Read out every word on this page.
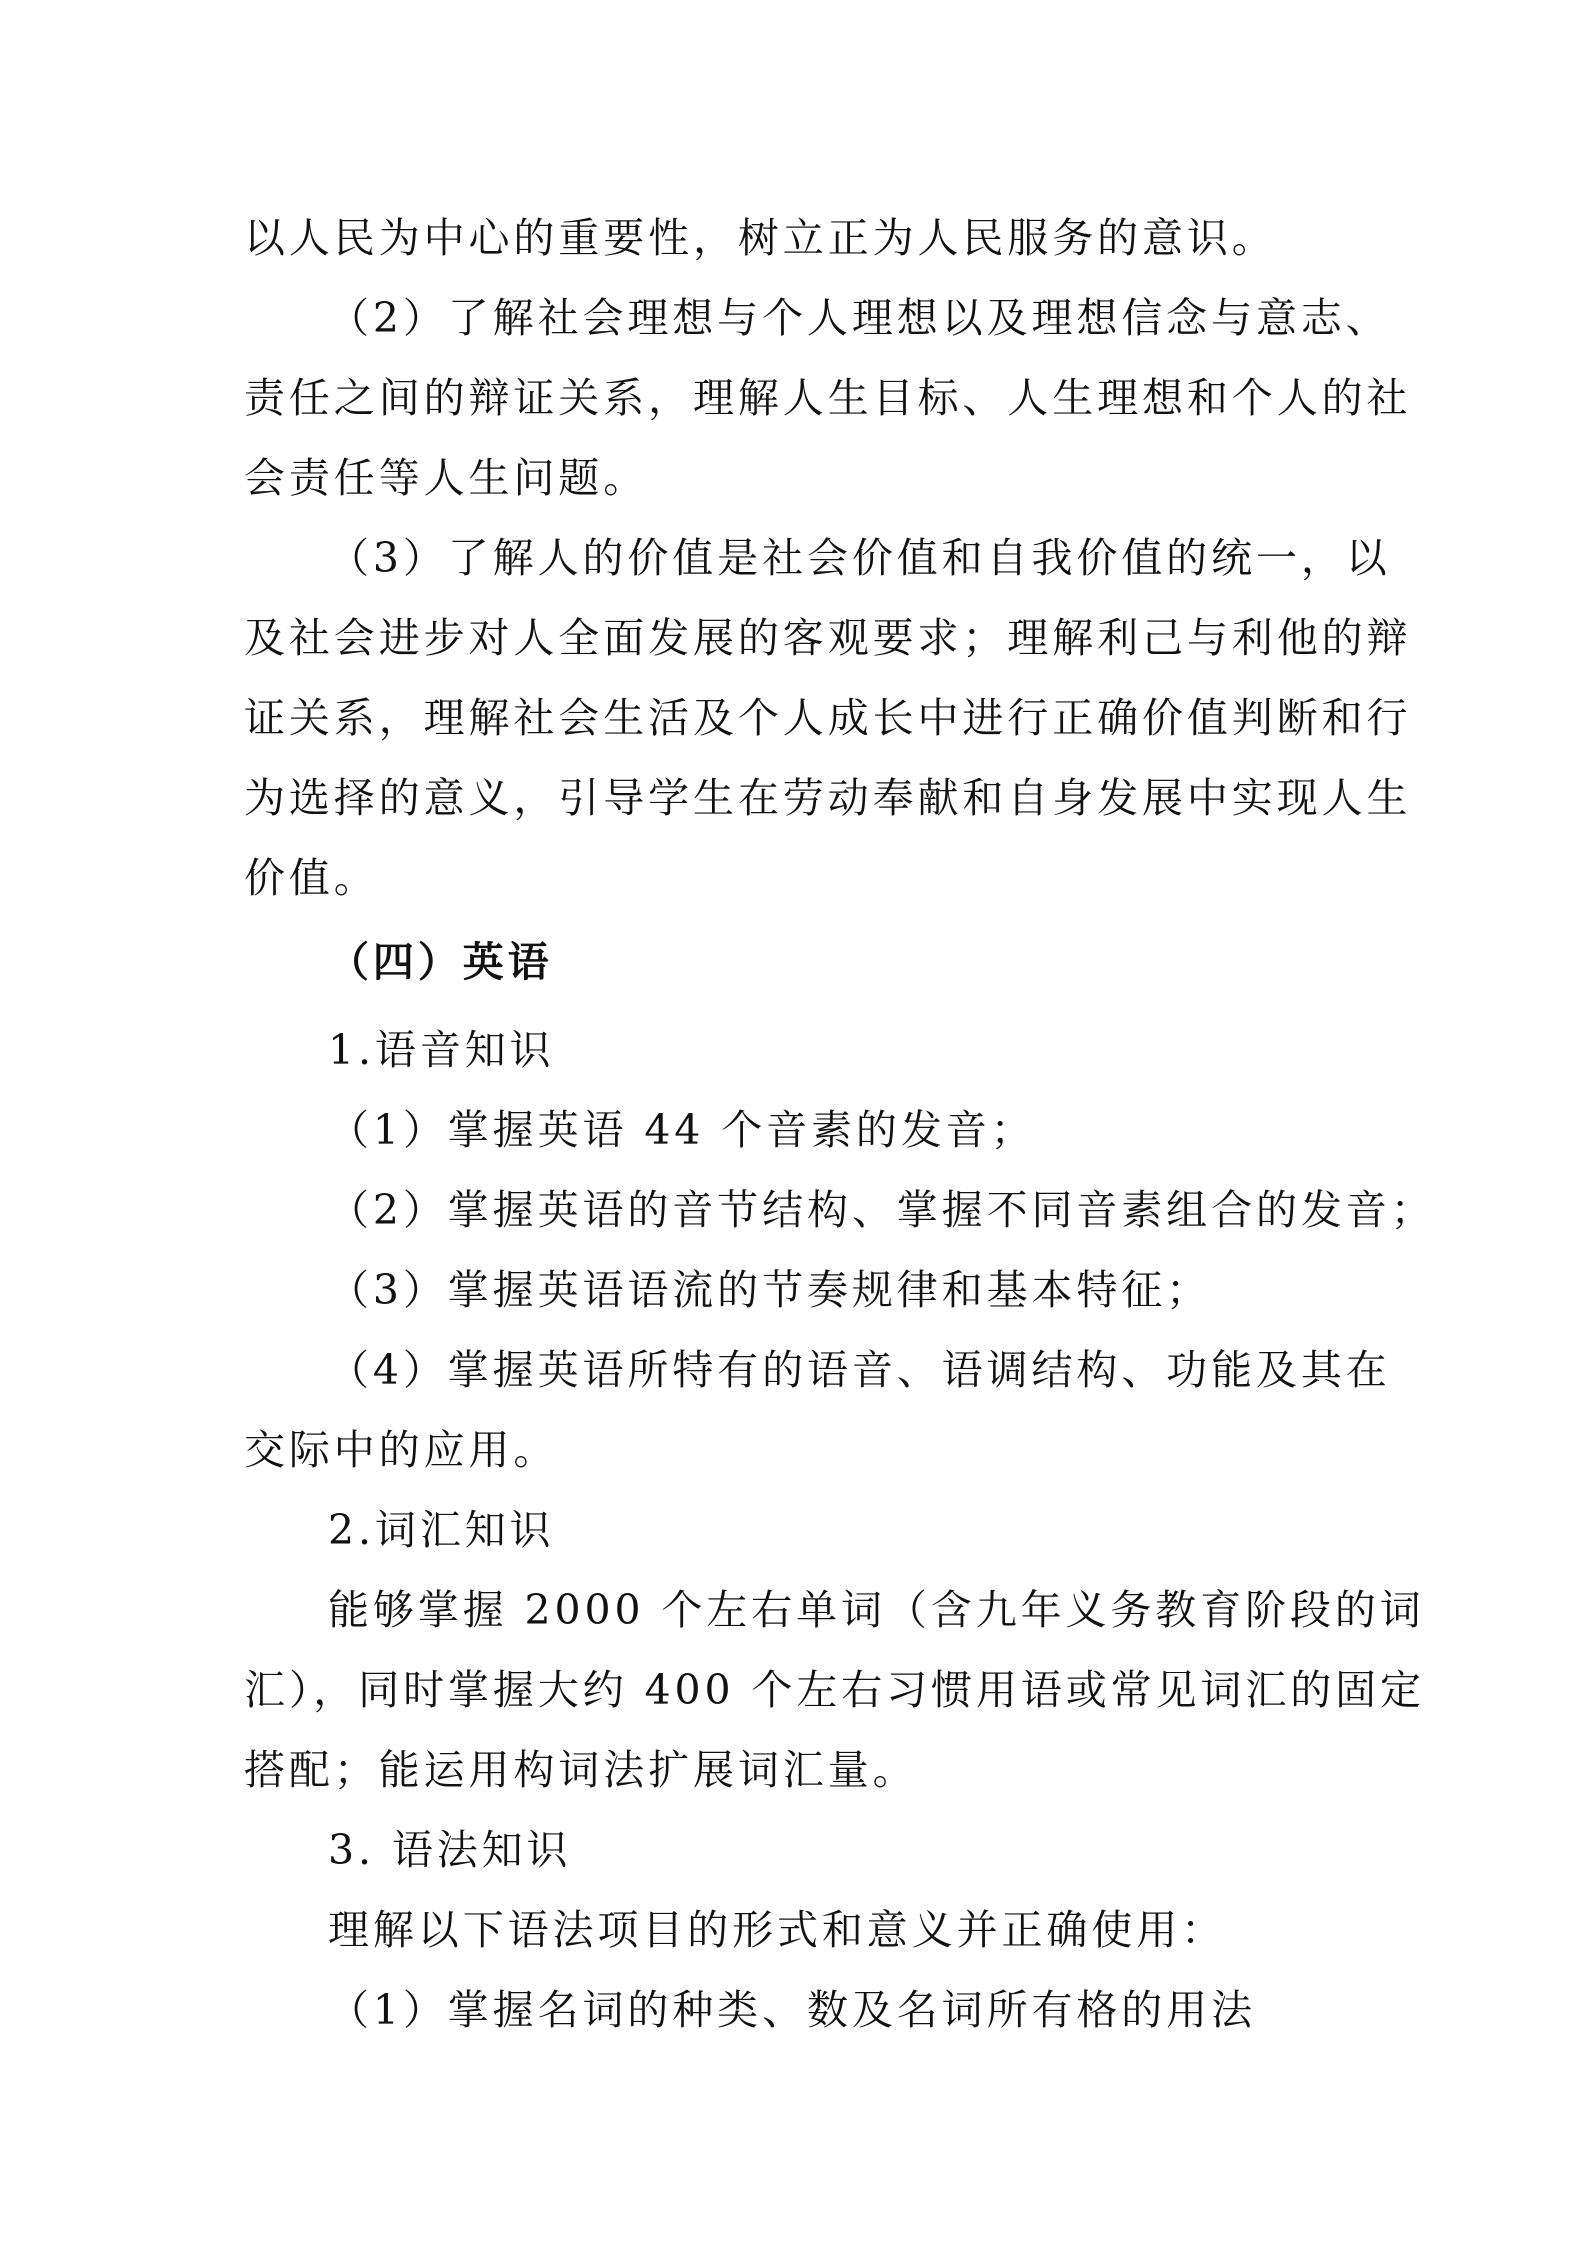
以人民为中心的重要性，树立正为人民服务的意识。

（2）了解社会理想与个人理想以及理想信念与意志、
责任之间的辩证关系，理解人生目标、人生理想和个人的社
会责任等人生问题。

（3）了解人的价值是社会价值和自我价值的统一，以
及社会进步对人全面发展的客观要求；理解利己与利他的辩
证关系，理解社会生活及个人成长中进行正确价值判断和行
为选择的意义，引导学生在劳动奉献和自身发展中实现人生
价值。

（四）英语

1.语音知识

（1）掌握英语 44 个音素的发音；

（2）掌握英语的音节结构、掌握不同音素组合的发音；

（3）掌握英语语流的节奏规律和基本特征；

（4）掌握英语所特有的语音、语调结构、功能及其在
交际中的应用。

2.词汇知识

能够掌握 2000 个左右单词（含九年义务教育阶段的词
汇），同时掌握大约 400 个左右习惯用语或常见词汇的固定
搭配；能运用构词法扩展词汇量。

3. 语法知识

理解以下语法项目的形式和意义并正确使用：

（1）掌握名词的种类、数及名词所有格的用法
